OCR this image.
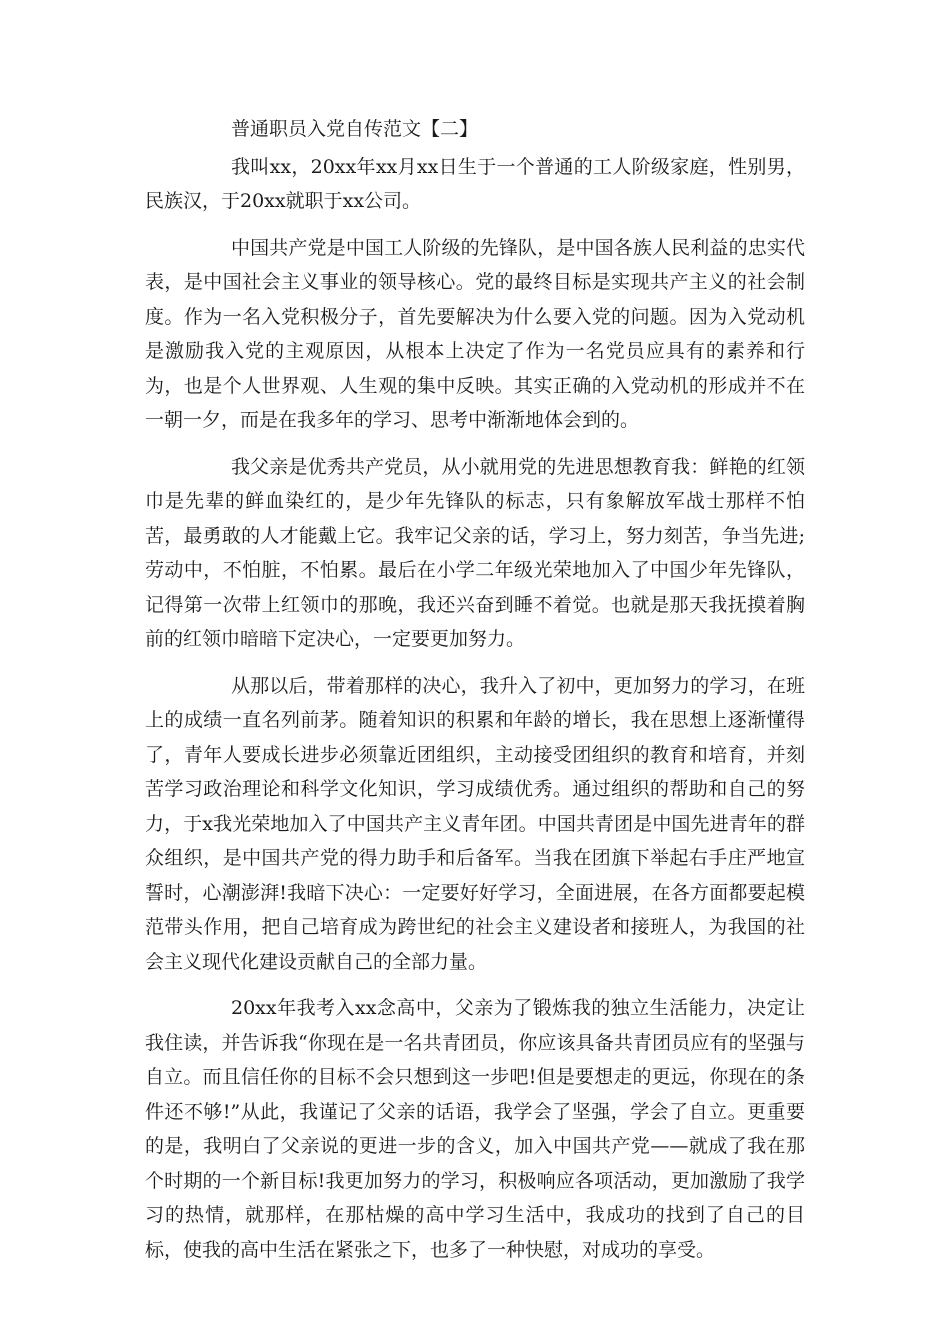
普通职员入党自传范文【二】

我叫xx，20xx年xx月xx日生于一个普通的工人阶级家庭，性别男，民族汉，于20xx就职于xx公司。

中国共产党是中国工人阶级的先锋队，是中国各族人民利益的忠实代表，是中国社会主义事业的领导核心。党的最终目标是实现共产主义的社会制度。作为一名入党积极分子，首先要解决为什么要入党的问题。因为入党动机是激励我入党的主观原因，从根本上决定了作为一名党员应具有的素养和行为，也是个人世界观、人生观的集中反映。其实正确的入党动机的形成并不在一朝一夕，而是在我多年的学习、思考中渐渐地体会到的。

我父亲是优秀共产党员，从小就用党的先进思想教育我：鲜艳的红领巾是先辈的鲜血染红的，是少年先锋队的标志，只有象解放军战士那样不怕苦，最勇敢的人才能戴上它。我牢记父亲的话，学习上，努力刻苦，争当先进;劳动中，不怕脏，不怕累。最后在小学二年级光荣地加入了中国少年先锋队，记得第一次带上红领巾的那晚，我还兴奋到睡不着觉。也就是那天我抚摸着胸前的红领巾暗暗下定决心，一定要更加努力。

从那以后，带着那样的决心，我升入了初中，更加努力的学习，在班上的成绩一直名列前茅。随着知识的积累和年龄的增长，我在思想上逐渐懂得了，青年人要成长进步必须靠近团组织，主动接受团组织的教育和培育，并刻苦学习政治理论和科学文化知识，学习成绩优秀。通过组织的帮助和自己的努力，于x我光荣地加入了中国共产主义青年团。中国共青团是中国先进青年的群众组织，是中国共产党的得力助手和后备军。当我在团旗下举起右手庄严地宣誓时，心潮澎湃!我暗下决心：一定要好好学习，全面进展，在各方面都要起模范带头作用，把自己培育成为跨世纪的社会主义建设者和接班人，为我国的社会主义现代化建设贡献自己的全部力量。

20xx年我考入xx念高中，父亲为了锻炼我的独立生活能力，决定让我住读，并告诉我“你现在是一名共青团员，你应该具备共青团员应有的坚强与自立。而且信任你的目标不会只想到这一步吧!但是要想走的更远，你现在的条件还不够!”从此，我谨记了父亲的话语，我学会了坚强，学会了自立。更重要的是，我明白了父亲说的更进一步的含义，加入中国共产党——就成了我在那个时期的一个新目标!我更加努力的学习，积极响应各项活动，更加激励了我学习的热情，就那样，在那枯燥的高中学习生活中，我成功的找到了自己的目标，使我的高中生活在紧张之下，也多了一种快慰，对成功的享受。
